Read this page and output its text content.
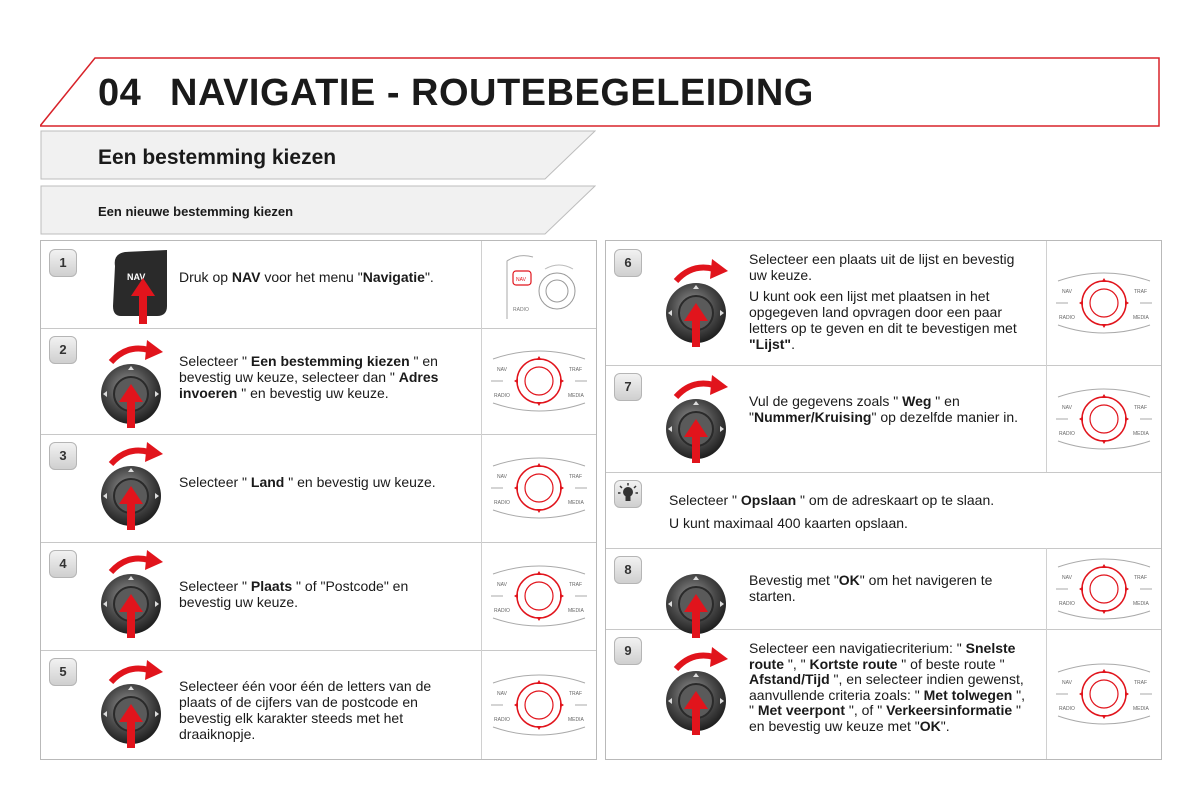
04 NAVIGATIE - ROUTEBEGELEIDING
Een bestemming kiezen
Een nieuwe bestemming kiezen
1
NAV Druk op NAV voor het menu "Navigatie".	NAV
RADIO
2
Selecteer " Een bestemming kiezen " en bevestig uw keuze, selecteer dan " Adres invoeren " en bevestig uw keuze.
NAV	TRAF
RADIO	MEDIA
3
Selecteer " Land " en bevestig uw keuze.	NAV	TRAF
RADIO	MEDIA
4
Selecteer " Plaats " of "Postcode" en bevestig uw keuze.
NAV	TRAF
RADIO	MEDIA
5
Selecteer één voor één de letters van de plaats of de cijfers van de postcode en bevestig elk karakter steeds met het draaiknopje.
NAV	TRAF
RADIO	MEDIA
6	Selecteer een plaats uit de lijst en bevestig uw keuze.

U kunt ook een lijst met plaatsen in het opgegeven land opvragen door een paar letters op te geven en dit te bevestigen met "Lijst".

NAV	TRAF
RADIO	MEDIA
7
Vul de gegevens zoals " Weg " en "Nummer/Kruising" op dezelfde manier in.
NAV	TRAF
RADIO	MEDIA

Selecteer " Opslaan " om de adreskaart op te slaan.

U kunt maximaal 400 kaarten opslaan.

8
Bevestig met "OK" om het navigeren te starten.
NAV	TRAF
RADIO	MEDIA
9	Selecteer een navigatiecriterium: " Snelste route ", " Kortste route " of beste route " Afstand/Tijd ", en selecteer indien gewenst, aanvullende criteria zoals: " Met tolwegen ", " Met veerpont ", of " Verkeersinformatie " en bevestig uw keuze met "OK".
NAV	TRAF
RADIO	MEDIA
